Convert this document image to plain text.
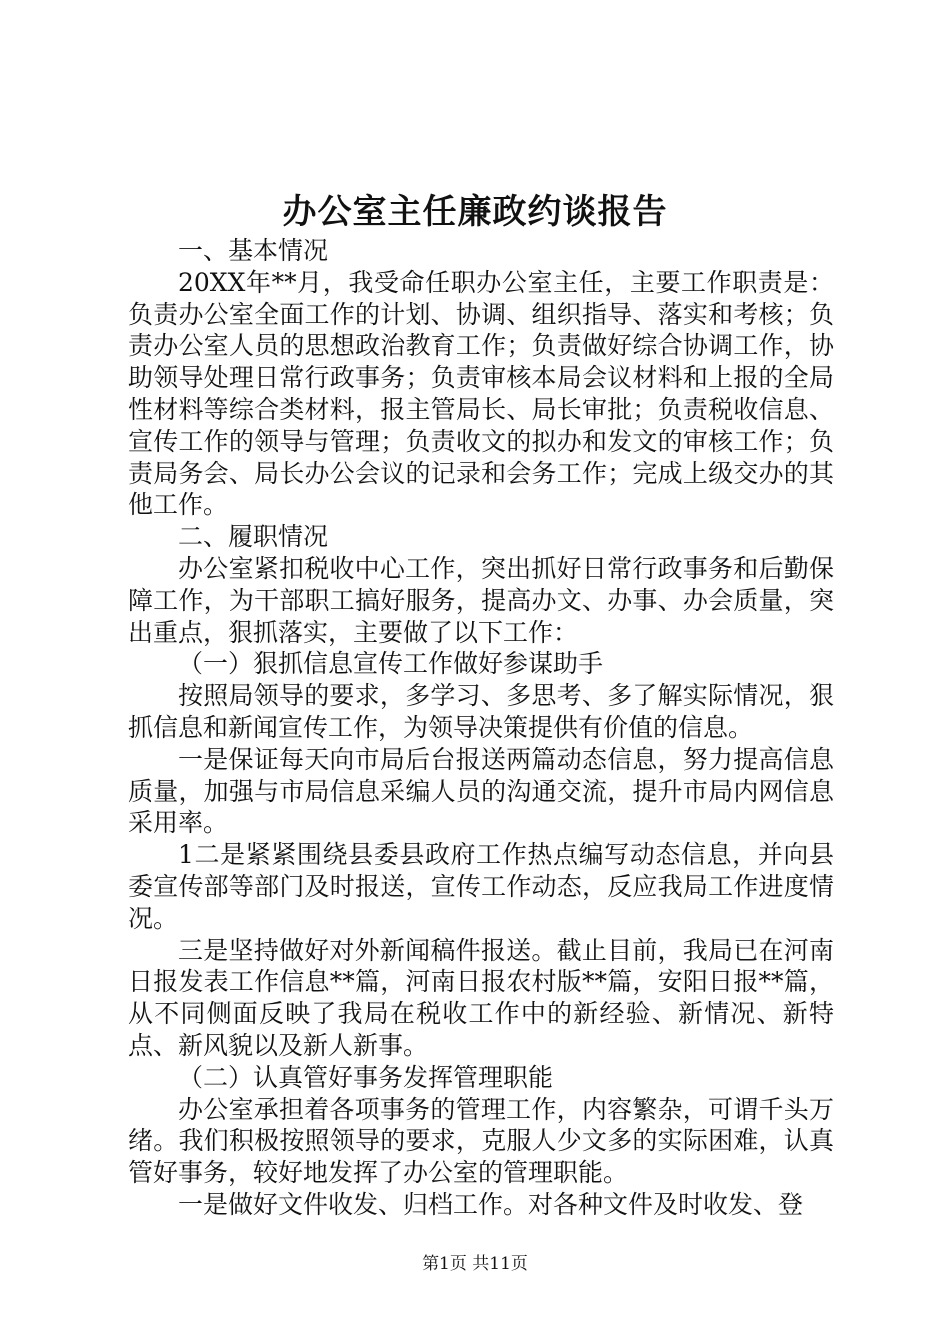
办公室主任廉政约谈报告

一、基本情况

20XX年**月，我受命任职办公室主任，主要工作职责是：负责办公室全面工作的计划、协调、组织指导、落实和考核；负责办公室人员的思想政治教育工作；负责做好综合协调工作，协助领导处理日常行政事务；负责审核本局会议材料和上报的全局性材料等综合类材料，报主管局长、局长审批；负责税收信息、宣传工作的领导与管理；负责收文的拟办和发文的审核工作；负责局务会、局长办公会议的记录和会务工作；完成上级交办的其他工作。

二、履职情况

办公室紧扣税收中心工作，突出抓好日常行政事务和后勤保障工作，为干部职工搞好服务，提高办文、办事、办会质量，突出重点，狠抓落实，主要做了以下工作：

（一）狠抓信息宣传工作做好参谋助手

按照局领导的要求，多学习、多思考、多了解实际情况，狠抓信息和新闻宣传工作，为领导决策提供有价值的信息。

一是保证每天向市局后台报送两篇动态信息，努力提高信息质量，加强与市局信息采编人员的沟通交流，提升市局内网信息采用率。

1二是紧紧围绕县委县政府工作热点编写动态信息，并向县委宣传部等部门及时报送，宣传工作动态，反应我局工作进度情况。

三是坚持做好对外新闻稿件报送。截止目前，我局已在河南日报发表工作信息**篇，河南日报农村版**篇，安阳日报**篇，从不同侧面反映了我局在税收工作中的新经验、新情况、新特点、新风貌以及新人新事。

（二）认真管好事务发挥管理职能

办公室承担着各项事务的管理工作，内容繁杂，可谓千头万绪。我们积极按照领导的要求，克服人少文多的实际困难，认真管好事务，较好地发挥了办公室的管理职能。

一是做好文件收发、归档工作。对各种文件及时收发、登

第1页 共11页
